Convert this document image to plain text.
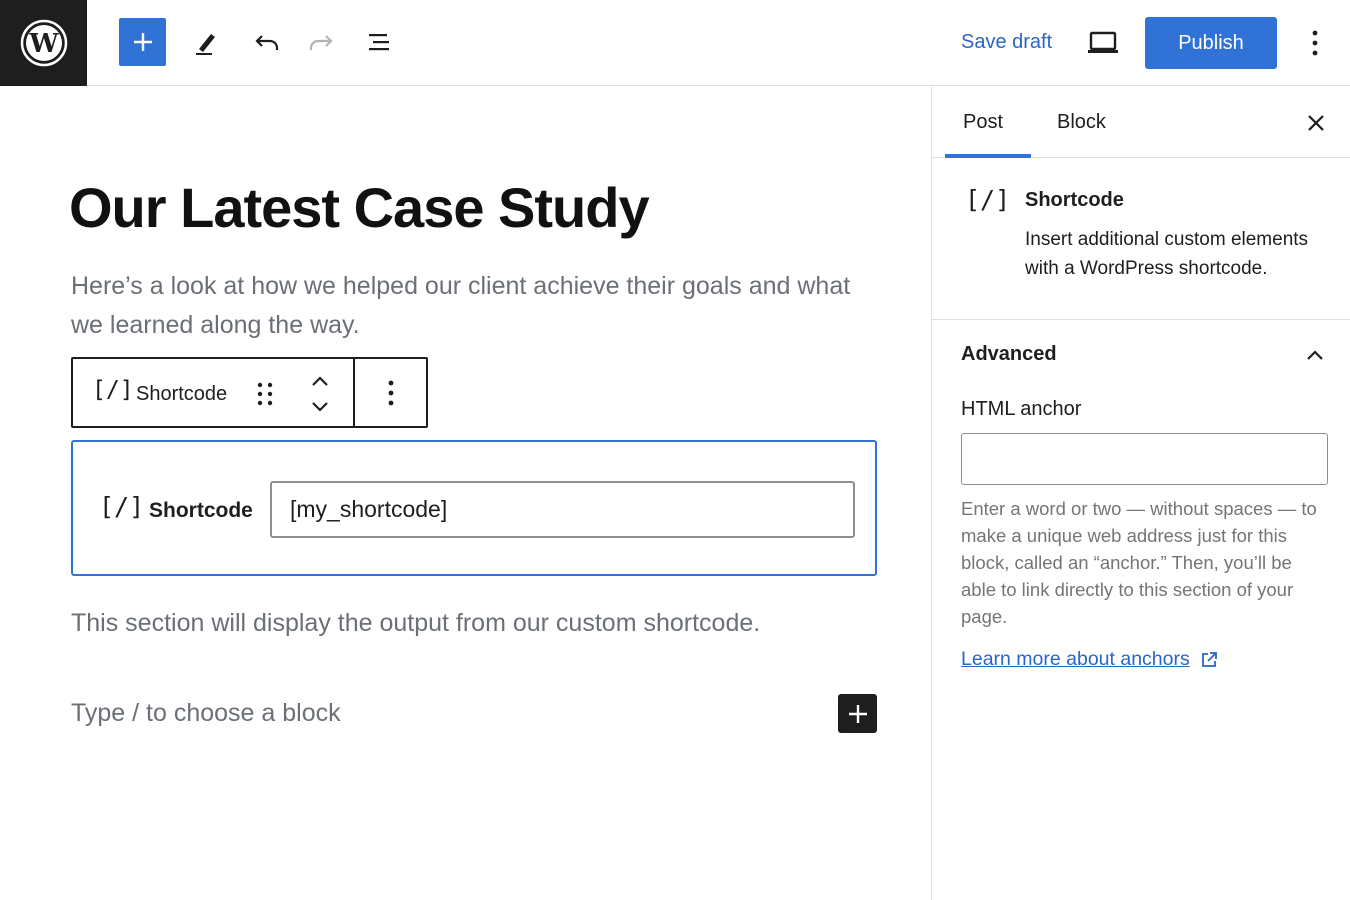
W	Save draft	Publish
Our Latest Case Study

Here’s a look at how we helped our client achieve their goals and what we learned along the way.

[/] Shortcode
[/] Shortcode
[my_shortcode]

This section will display the output from our custom shortcode.

Type / to choose a block

Post	Block
[/] Shortcode

Insert additional custom elements with a WordPress shortcode.

Advanced
HTML anchor

Enter a word or two — without spaces — to make a unique web address just for this block, called an “anchor.” Then, you’ll be able to link directly to this section of your page.

Learn more about anchors
